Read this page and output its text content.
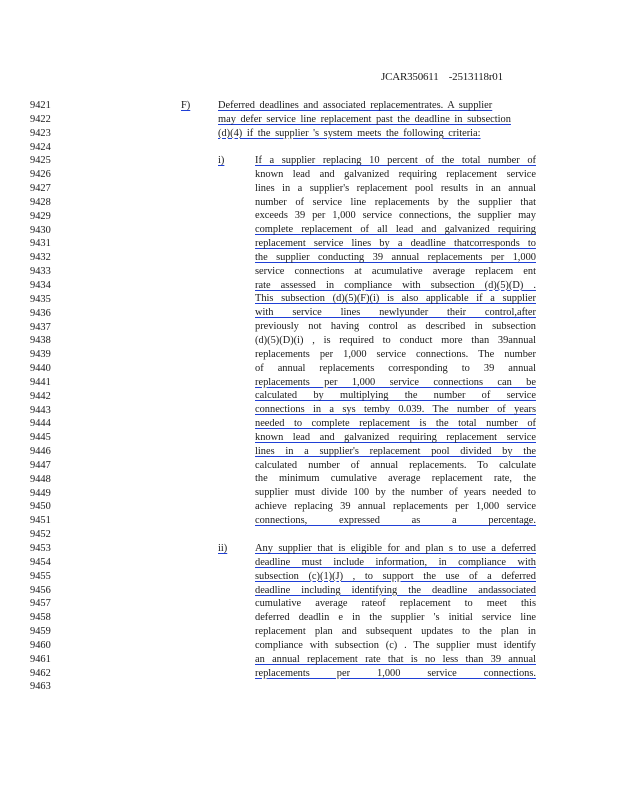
JCAR350611    -2513118r01
9421
9422
9423
9424
9425
9426
9427
9428
9429
9430
9431
9432
9433
9434
9435
9436
9437
9438
9439
9440
9441
9442
9443
9444
9445
9446
9447
9448
9449
9450
9451
9452
9453
9454
9455
9456
9457
9458
9459
9460
9461
9462
9463
F)	Deferred deadlines and associated replacementrates. A supplier
may defer service line replacement past the deadline in subsection
(d)(4) if the supplier 's system meets the following criteria:
i)	If a supplier replacing 10 percent of the total number of
known lead and galvanized requiring replacement service
lines in a supplier's replacement pool results in an annual
number of service line replacements by the supplier that
exceeds 39 per 1,000 service connections, the supplier may
complete replacement of all lead and galvanized requiring
replacement service lines by a deadline thatcorresponds to
the supplier conducting 39 annual replacements per 1,000
service connections at acumulative average replacem ent
rate assessed in compliance with subsection (d)(5)(D) .
This subsection (d)(5)(F)(i) is also applicable if a supplier
with service lines newlyunder their control,after
previously not having control as described in subsection
(d)(5)(D)(i) , is required to conduct more than 39annual
replacements per 1,000 service connections. The number
of annual replacements corresponding to 39 annual
replacements per 1,000 service connections can be
calculated by multiplying the number of service
connections in a sys temby 0.039. The number of years
needed to complete replacement is the total number of
known lead and galvanized requiring replacement service
lines in a supplier's replacement pool divided by the
calculated number of annual replacements. To calculate
the minimum cumulative average replacement rate, the
supplier must divide 100 by the number of years needed to
achieve replacing 39 annual replacements per 1,000 service
connections, expressed as a percentage.
ii)	Any supplier that is eligible for and plan s to use a deferred
deadline must include information, in compliance with
subsection (c)(1)(J) , to support the use of a deferred
deadline including identifying the deadline andassociated
cumulative average rateof replacement to meet this
deferred deadlin e in the supplier 's initial service line
replacement plan and subsequent updates to the plan in
compliance with subsection (c) . The supplier must identify
an annual replacement rate that is no less than 39 annual
replacements per 1,000 service connections.
